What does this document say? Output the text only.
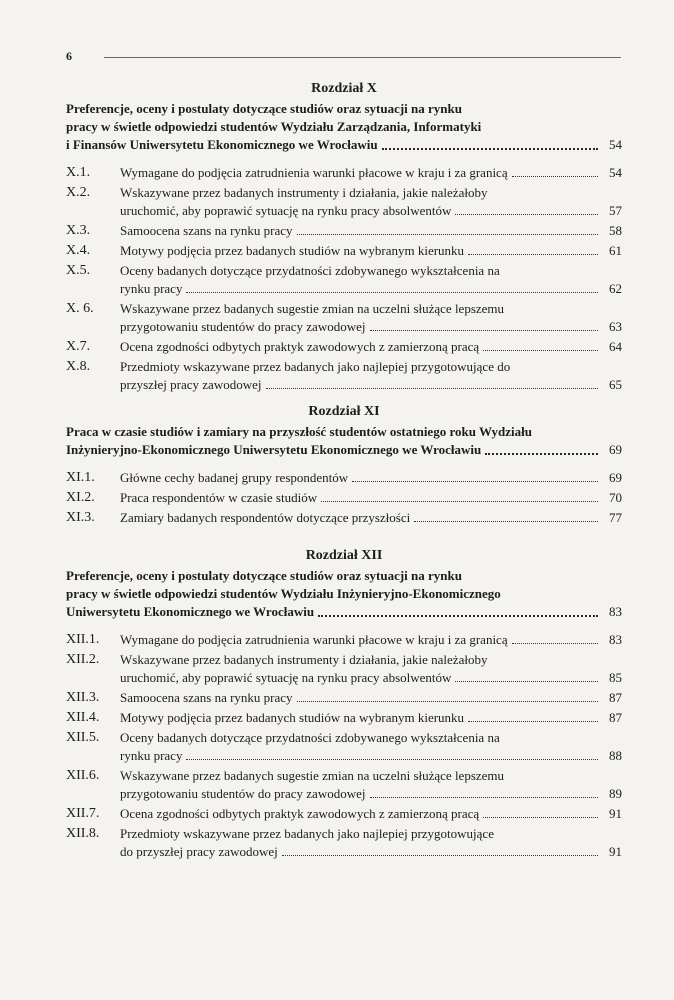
6
Rozdział X
Preferencje, oceny i postulaty dotyczące studiów oraz sytuacji na rynku
pracy w świetle odpowiedzi studentów Wydziału Zarządzania, Informatyki
i Finansów Uniwersytetu Ekonomicznego we Wrocławiu	54
X.1.	Wymagane do podjęcia zatrudnienia warunki płacowe w kraju i za granicą	54
X.2.	Wskazywane przez badanych instrumenty i działania, jakie należałoby
uruchomić, aby poprawić sytuację na rynku pracy absolwentów	57
X.3.	Samoocena szans na rynku pracy	58
X.4.	Motywy podjęcia przez badanych studiów na wybranym kierunku	61
X.5.	Oceny badanych dotyczące przydatności zdobywanego wykształcenia na
rynku pracy	62
X. 6.	Wskazywane przez badanych sugestie zmian na uczelni służące lepszemu
przygotowaniu studentów do pracy zawodowej	63
X.7.	Ocena zgodności odbytych praktyk zawodowych z zamierzoną pracą	64
X.8.	Przedmioty wskazywane przez badanych jako najlepiej przygotowujące do
przyszłej pracy zawodowej	65
Rozdział XI
Praca w czasie studiów i zamiary na przyszłość studentów ostatniego roku Wydziału
Inżynieryjno-Ekonomicznego Uniwersytetu Ekonomicznego we Wrocławiu	69
XI.1.	Główne cechy badanej grupy respondentów	69
XI.2.	Praca respondentów w czasie studiów	70
XI.3.	Zamiary badanych respondentów dotyczące przyszłości	77
Rozdział XII
Preferencje, oceny i postulaty dotyczące studiów oraz sytuacji na rynku
pracy w świetle odpowiedzi studentów Wydziału Inżynieryjno-Ekonomicznego
Uniwersytetu Ekonomicznego we Wrocławiu	83
XII.1.	Wymagane do podjęcia zatrudnienia warunki płacowe w kraju i za granicą	83
XII.2.	Wskazywane przez badanych instrumenty i działania, jakie należałoby
uruchomić, aby poprawić sytuację na rynku pracy absolwentów	85
XII.3.	Samoocena szans na rynku pracy	87
XII.4.	Motywy podjęcia przez badanych studiów na wybranym kierunku	87
XII.5.	Oceny badanych dotyczące przydatności zdobywanego wykształcenia na
rynku pracy	88
XII.6.	Wskazywane przez badanych sugestie zmian na uczelni służące lepszemu
przygotowaniu studentów do pracy zawodowej	89
XII.7.	Ocena zgodności odbytych praktyk zawodowych z zamierzoną pracą	91
XII.8.	Przedmioty wskazywane przez badanych jako najlepiej przygotowujące
do przyszłej pracy zawodowej	91
